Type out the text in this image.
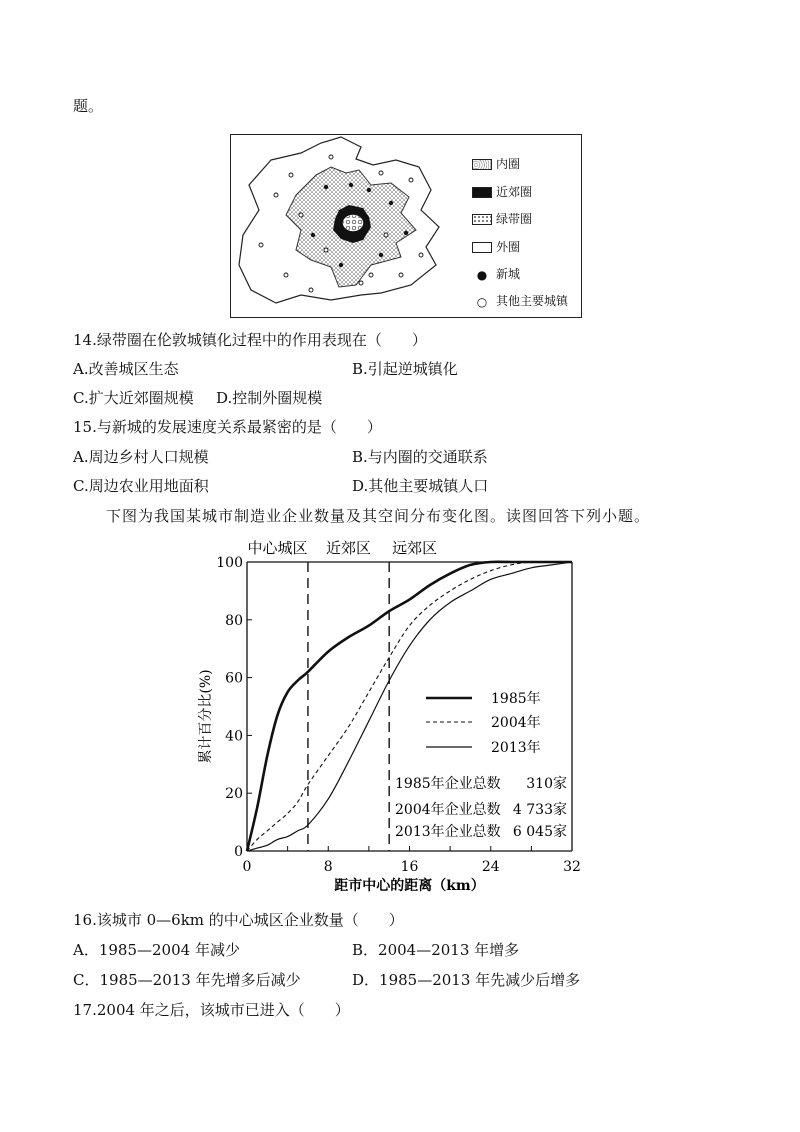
题。
内圈
近郊圈
绿带圈
外圈
● 新城
○ 其他主要城镇
14.绿带圈在伦敦城镇化过程中的作用表现在（　　）
A.改善城区生态	B.引起逆城镇化
C.扩大近郊圈规模 D.控制外圈规模
15.与新城的发展速度关系最紧密的是（　　）
A.周边乡村人口规模	B.与内圈的交通联系
C.周边农业用地面积	D.其他主要城镇人口
下图为我国某城市制造业企业数量及其空间分布变化图。读图回答下列小题。
0
20
40
60
80
100
0	8	16	24	32
距市中心的距离（km）
累计百分比(%)
中心城区 近郊区 远郊区
1985年
2004年
2013年
1985年企业总数 310家
2004年企业总数 4 733家
2013年企业总数 6 045家
16.该城市 0—6km 的中心城区企业数量（　　）
A．1985—2004 年减少	B．2004—2013 年增多
C．1985—2013 年先增多后减少	D．1985—2013 年先减少后增多
17.2004 年之后，该城市已进入（　　）
